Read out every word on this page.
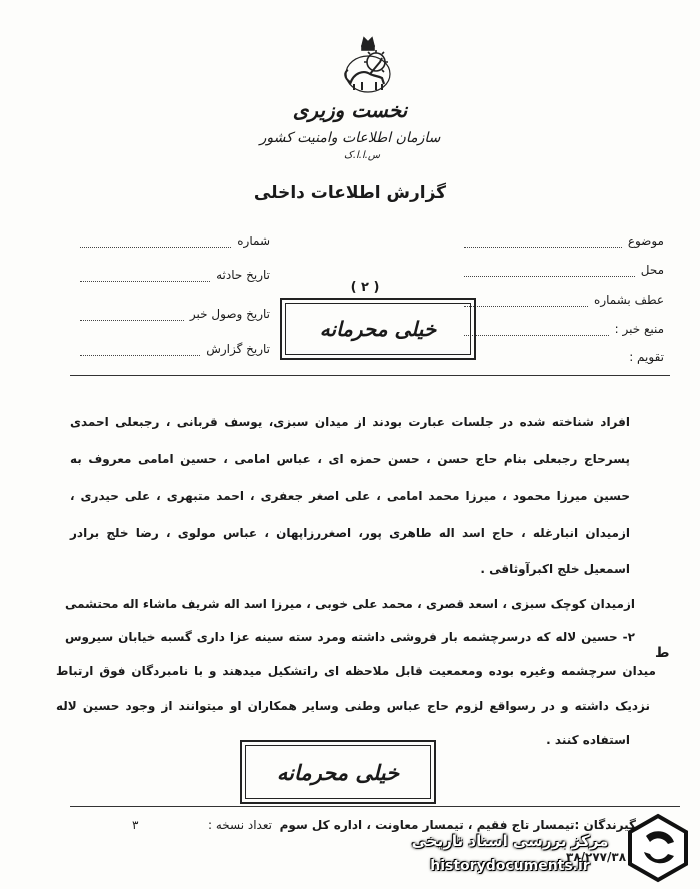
نخست وزیری
سازمان اطلاعات وامنیت کشور
س.ا.ا.ک
گزارش اطلاعات داخلی
موضوع
محل
عطف بشماره
منبع خبر :
تقویم :
شماره
تاریخ حادثه
تاریخ وصول خبر
تاریخ گزارش
( ۲ )
خیلی محرمانه
افراد شناخته شده در جلسات عبارت بودند از میدان سبزی، یوسف قربانی ، رجبعلی احمدی
پسرحاج رجبعلی بنام حاج حسن ، حسن حمزه ای ، عباس امامی ، حسین امامی معروف به
حسین میرزا محمود ، میرزا محمد امامی ، علی اصغر جعفری ، احمد متبهری ، علی حیدری ،
ازمیدان انبارغله ، حاج اسد اله طاهری پور، اصغررزاپهان ، عباس مولوی ، رضا خلج برادر
اسمعیل خلج اکبرآوثاقی .
ازمیدان کوچک سبزی ، اسعد قصری ، محمد علی خوبی ، میرزا اسد اله شریف ماشاء اله محتشمی
۲- حسین لاله که درسرچشمه بار فروشی داشته ومرد سته سینه عزا داری گسبه خیابان سیروس
میدان سرچشمه وغیره بوده ومعمعیت قابل ملاحظه ای راتشکیل میدهند و با نامبردگان فوق ارتباط
نزدیک داشته و در رسواقع لزوم حاج عباس وطنی وسایر همکاران او میتوانند از وجود حسین لاله
استفاده کنند .
ط
خیلی محرمانه
گیرندگان :تیمسار تاج فقیم ، تیمسار معاونت ، اداره کل سوم
تعداد نسخه :
۳
۳۸/۲۷۷/۳۸
مرکز بررسی اسناد تاریخی
historydocuments.ir
